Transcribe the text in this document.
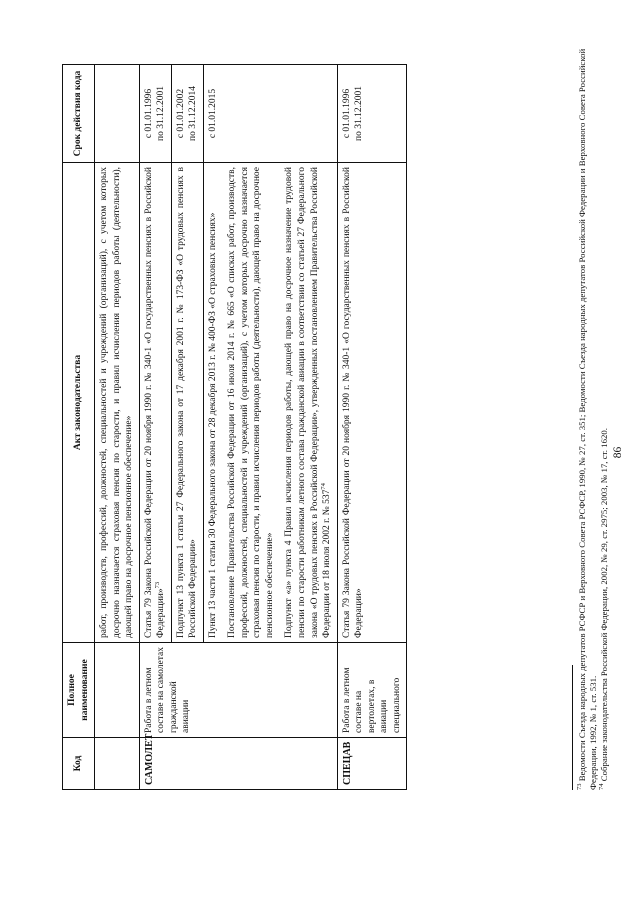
86
Код	Полное наименование	Акт законодательства	Срок действия кода

		работ, производств, профессий, должностей, специальностей и учреждений (организаций), с учетом которых досрочно назначается страховая пенсия по старости, и правил исчисления периодов работы (деятельности), дающей право на досрочное пенсионное обеспечение»	

САМОЛЕТ	Работа в летном составе на самолетах гражданской авиации	Статья 79 Закона Российской Федерации от 20 ноября 1990 г. № 340-1 «О государственных пенсиях в Российской Федерации»$^{73}$	с 01.01.1996 по 31.12.2001

		Подпункт 13 пункта 1 статьи 27 Федерального закона от 17 декабря 2001 г. № 173-ФЗ «О трудовых пенсиях в Российской Федерации»	с 01.01.2002 по 31.12.2014

		Пункт 13 части 1 статьи 30 Федерального закона от 28 декабря 2013 г. № 400-ФЗ «О страховых пенсиях» Постановление Правительства Российской Федерации от 16 июля 2014 г. № 665 «О списках работ, производств, профессий, должностей, специальностей и учреждений (организаций), с учетом которых досрочно назначается страховая пенсия по старости, и правил исчисления периодов работы (деятельности), дающей право на досрочное пенсионное обеспечение» Подпункт «а» пункта 4 Правил исчисления периодов работы, дающей право на досрочное назначение трудовой пенсии по старости работникам летного состава гражданской авиации в соответствии со статьей 27 Федерального закона «О трудовых пенсиях в Российской Федерации», утвержденных постановлением Правительства Российской Федерации от 18 июля 2002 г. № $537^{74}$	с 01.01.2015

СПЕЦАВ	Работа в летном составе на вертолетах, в авиации специального	Статья 79 Закона Российской Федерации от 20 ноября 1990 г. № 340-1 «О государственных пенсиях в Российской Федерации»	с 01.01.1996 по 31.12.2001
$^{73}$ Ведомости Съезда народных депутатов РСФСР и Верховного Совета РСФСР, 1990, № 27, ст. 351; Ведомости Съезда народных депутатов Российской Федерации и Верховного Совета Российской Федерации, 1992, № 1, ст. 531. $^{74}$ Собрание законодательства Российской Федерации, 2002, № 29, ст. 2975; 2003, № 17, ст. 1620.
